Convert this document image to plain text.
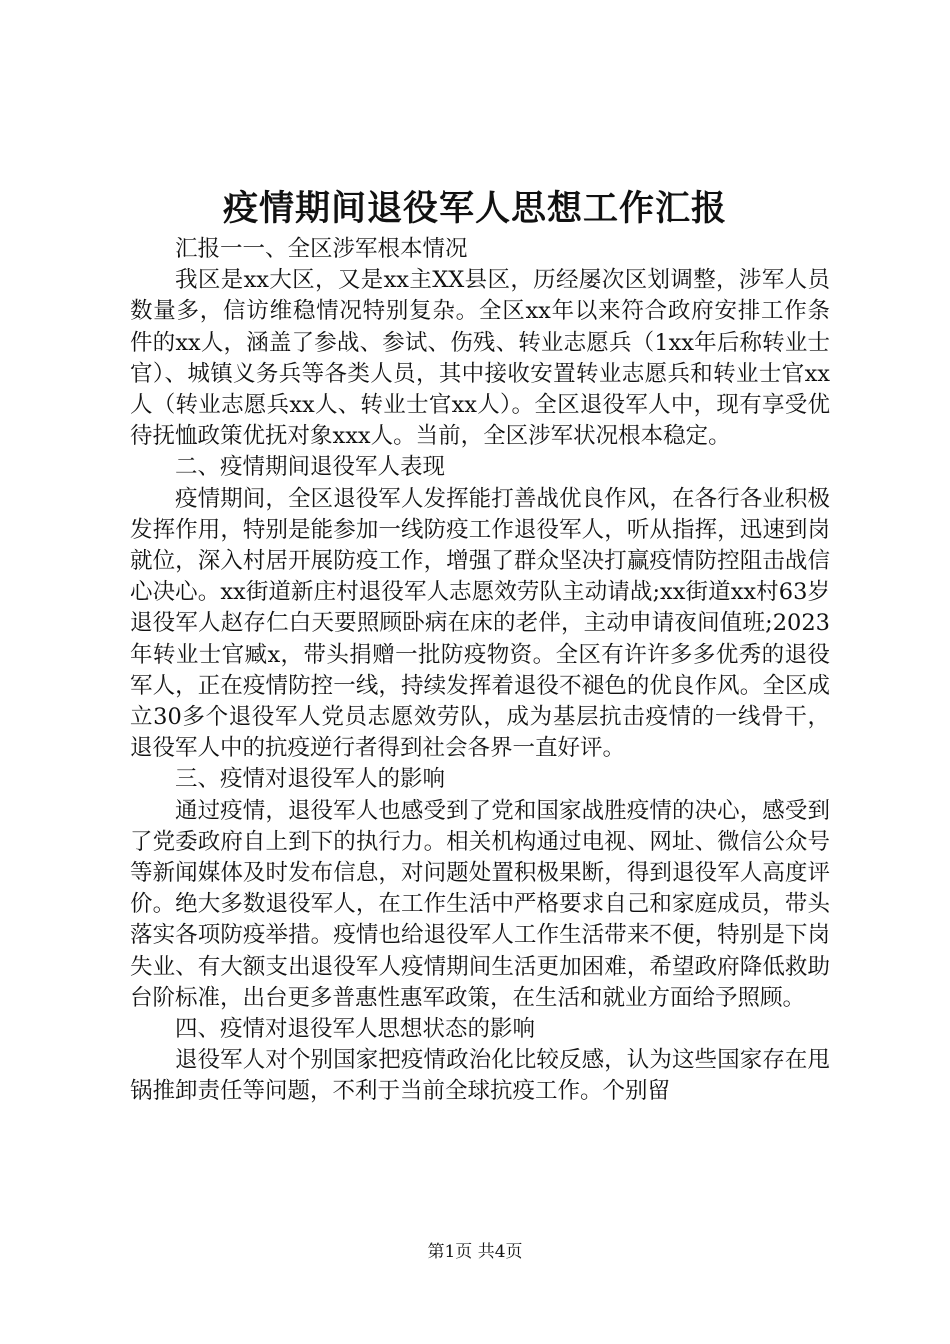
疫情期间退役军人思想工作汇报

汇报一一、全区涉军根本情况

我区是xx大区，又是xx主XX县区，历经屡次区划调整，涉军人员数量多，信访维稳情况特别复杂。全区xx年以来符合政府安排工作条件的xx人，涵盖了参战、参试、伤残、转业志愿兵（1xx年后称转业士官）、城镇义务兵等各类人员，其中接收安置转业志愿兵和转业士官xx人（转业志愿兵xx人、转业士官xx人）。全区退役军人中，现有享受优待抚恤政策优抚对象xxx人。当前，全区涉军状况根本稳定。

二、疫情期间退役军人表现

疫情期间，全区退役军人发挥能打善战优良作风，在各行各业积极发挥作用，特别是能参加一线防疫工作退役军人，听从指挥，迅速到岗就位，深入村居开展防疫工作，增强了群众坚决打赢疫情防控阻击战信心决心。xx街道新庄村退役军人志愿效劳队主动请战;xx街道xx村63岁退役军人赵存仁白天要照顾卧病在床的老伴，主动申请夜间值班;2023年转业士官臧x，带头捐赠一批防疫物资。全区有许许多多优秀的退役军人，正在疫情防控一线，持续发挥着退役不褪色的优良作风。全区成立30多个退役军人党员志愿效劳队，成为基层抗击疫情的一线骨干，退役军人中的抗疫逆行者得到社会各界一直好评。

三、疫情对退役军人的影响

通过疫情，退役军人也感受到了党和国家战胜疫情的决心，感受到了党委政府自上到下的执行力。相关机构通过电视、网址、微信公众号等新闻媒体及时发布信息，对问题处置积极果断，得到退役军人高度评价。绝大多数退役军人，在工作生活中严格要求自己和家庭成员，带头落实各项防疫举措。疫情也给退役军人工作生活带来不便，特别是下岗失业、有大额支出退役军人疫情期间生活更加困难，希望政府降低救助台阶标准，出台更多普惠性惠军政策，在生活和就业方面给予照顾。

四、疫情对退役军人思想状态的影响

退役军人对个别国家把疫情政治化比较反感，认为这些国家存在甩锅推卸责任等问题，不利于当前全球抗疫工作。个别留

第1页 共4页
